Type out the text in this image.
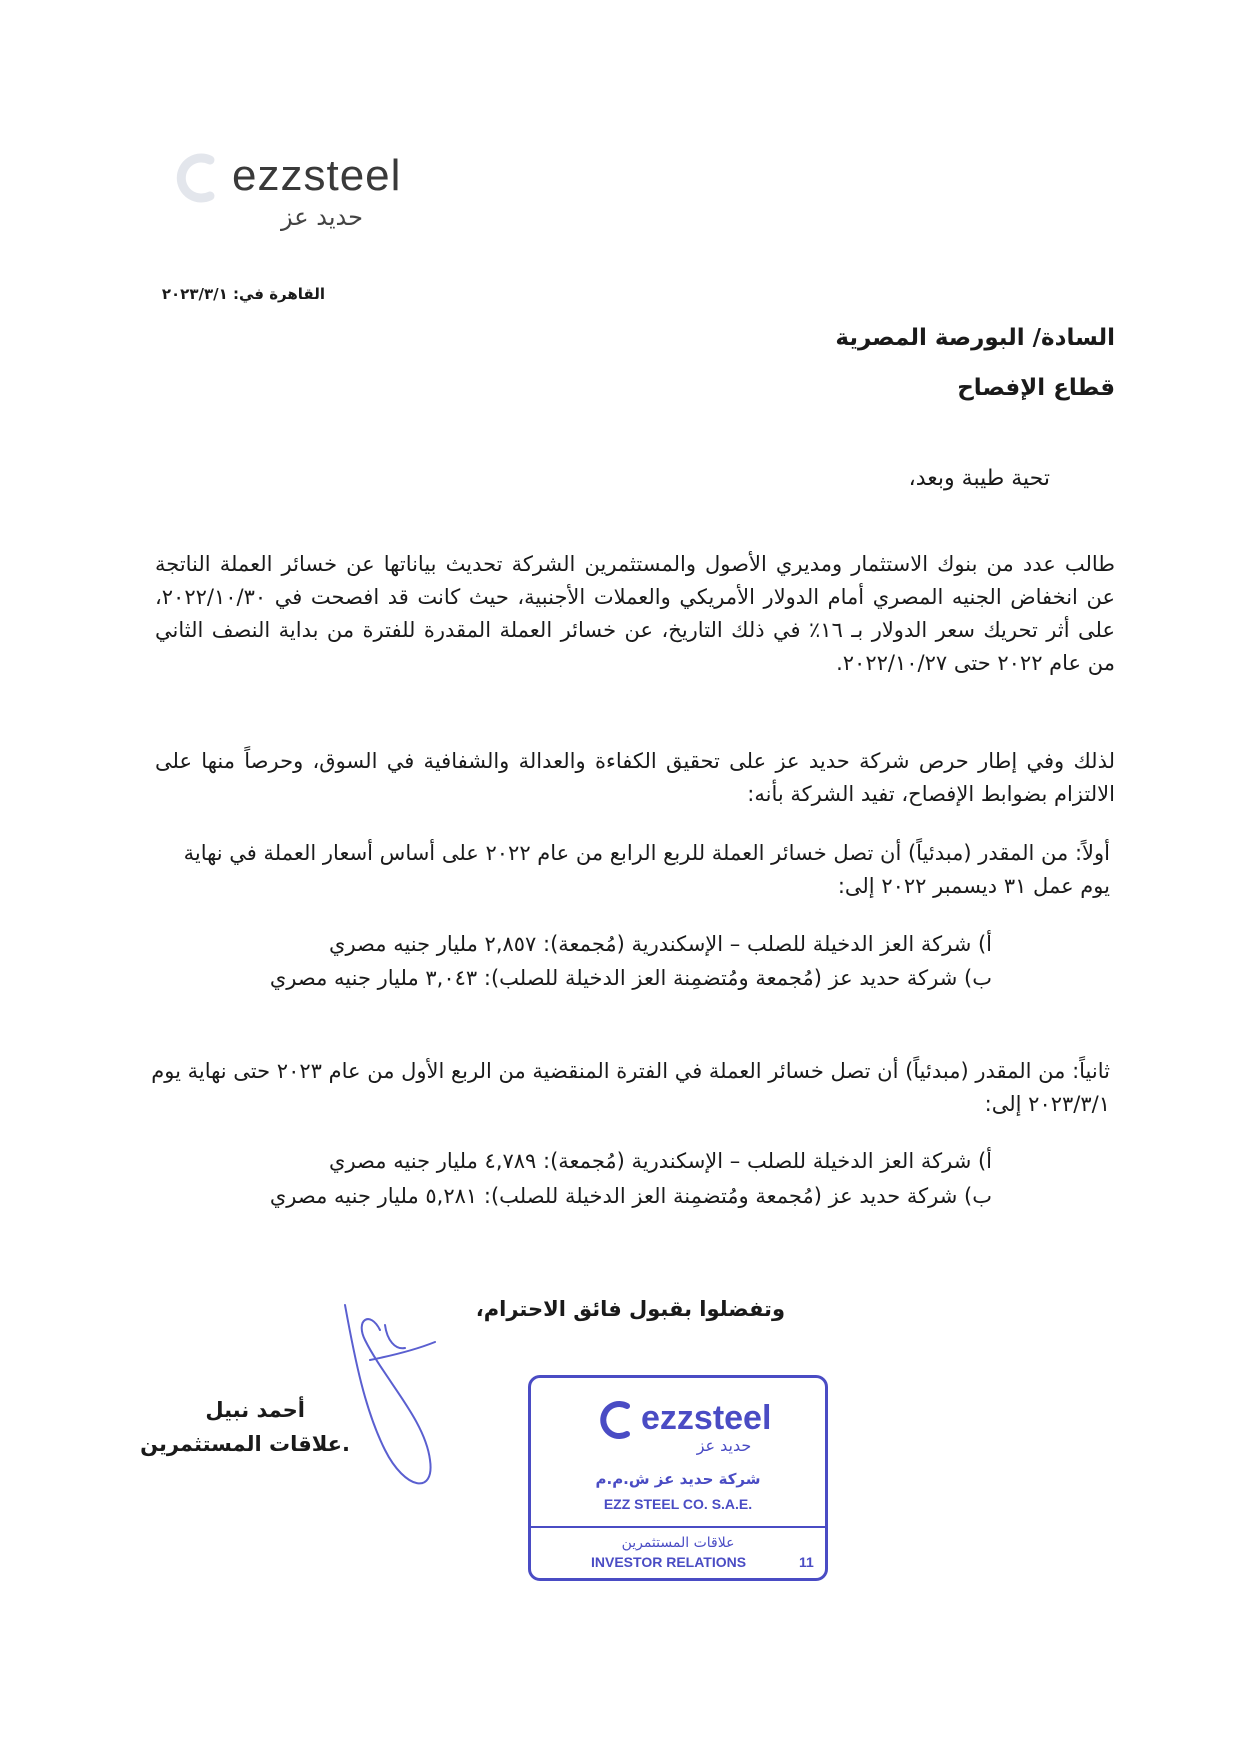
ezzsteel
حديد عز
القاهرة في: ٢٠٢٣/٣/١
السادة/ البورصة المصرية
قطاع الإفصاح
تحية طيبة وبعد،
طالب عدد من بنوك الاستثمار ومديري الأصول والمستثمرين الشركة تحديث بياناتها عن خسائر العملة الناتجة عن انخفاض الجنيه المصري أمام الدولار الأمريكي والعملات الأجنبية، حيث كانت قد افصحت في ٢٠٢٢/١٠/٣٠، على أثر تحريك سعر الدولار بـ ١٦٪ في ذلك التاريخ، عن خسائر العملة المقدرة للفترة من بداية النصف الثاني من عام ٢٠٢٢ حتى ٢٠٢٢/١٠/٢٧.
لذلك وفي إطار حرص شركة حديد عز على تحقيق الكفاءة والعدالة والشفافية في السوق، وحرصاً منها على الالتزام بضوابط الإفصاح، تفيد الشركة بأنه:
أولاً: من المقدر (مبدئياً) أن تصل خسائر العملة للربع الرابع من عام ٢٠٢٢ على أساس أسعار العملة في نهاية يوم عمل ٣١ ديسمبر ٢٠٢٢ إلى:
أ) شركة العز الدخيلة للصلب – الإسكندرية (مُجمعة): ٢,٨٥٧ مليار جنيه مصري
ب) شركة حديد عز (مُجمعة ومُتضمِنة العز الدخيلة للصلب): ٣,٠٤٣ مليار جنيه مصري
ثانياً: من المقدر (مبدئياً) أن تصل خسائر العملة في الفترة المنقضية من الربع الأول من عام ٢٠٢٣ حتى نهاية يوم ٢٠٢٣/٣/١ إلى:
أ) شركة العز الدخيلة للصلب – الإسكندرية (مُجمعة): ٤,٧٨٩ مليار جنيه مصري
ب) شركة حديد عز (مُجمعة ومُتضمِنة العز الدخيلة للصلب): ٥,٢٨١ مليار جنيه مصري
وتفضلوا بقبول فائق الاحترام،
أحمد نبيل
.علاقات المستثمرين
ezzsteel
حديد عز
شركة حديد عز ش.م.م
EZZ STEEL CO. S.A.E.
علاقات المستثمرين
INVESTOR RELATIONS	11
